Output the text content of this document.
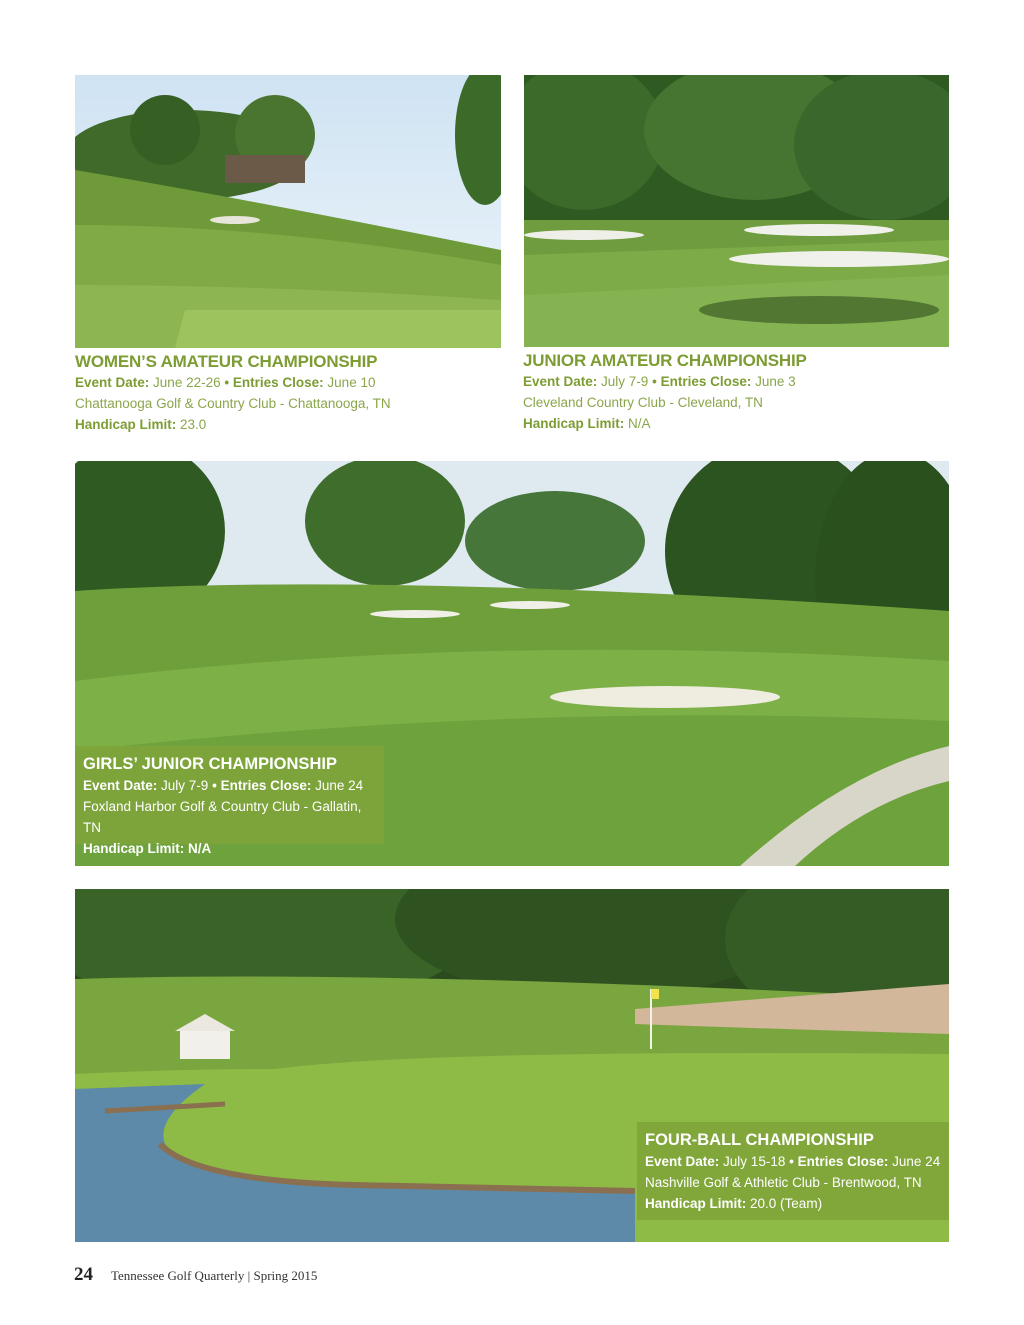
WOMEN’S AMATEUR CHAMPIONSHIP
Event Date: June 22-26 • Entries Close: June 10
Chattanooga Golf & Country Club - Chattanooga, TN
Handicap Limit: 23.0
JUNIOR AMATEUR CHAMPIONSHIP
Event Date: July 7-9 • Entries Close: June 3
Cleveland Country Club - Cleveland, TN
Handicap Limit: N/A
GIRLS’ JUNIOR CHAMPIONSHIP
Event Date: July 7-9 • Entries Close: June 24
Foxland Harbor Golf & Country Club - Gallatin, TN
Handicap Limit: N/A
FOUR-BALL CHAMPIONSHIP
Event Date: July 15-18 • Entries Close: June 24
Nashville Golf & Athletic Club - Brentwood, TN
Handicap Limit: 20.0 (Team)
24 Tennessee Golf Quarterly | Spring 2015
